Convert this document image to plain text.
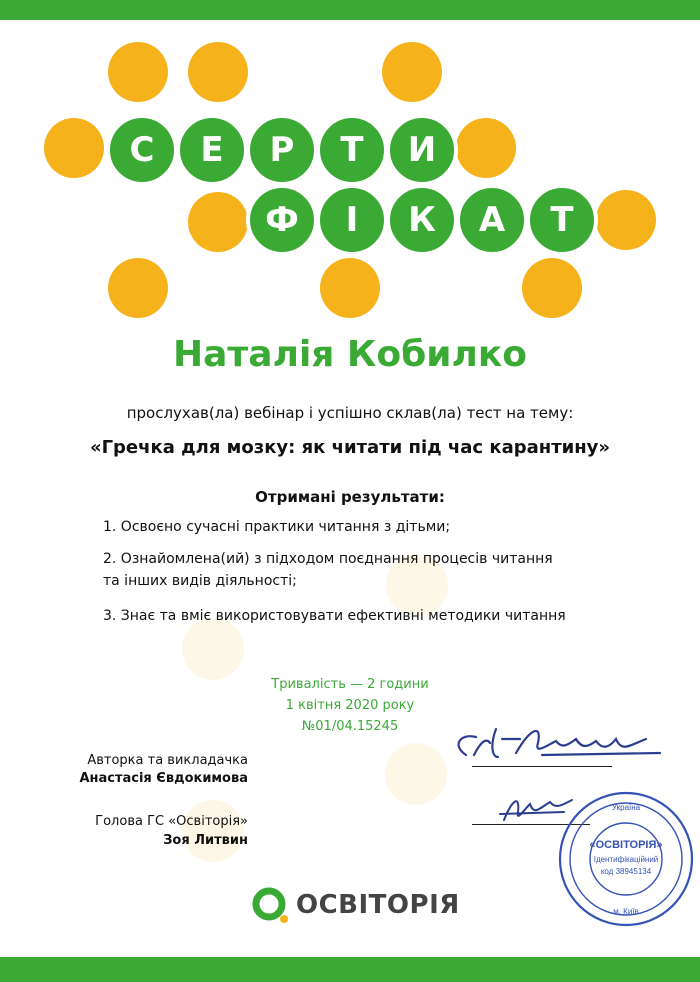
С	Е	Р	Т	И
Ф	І	К	А	Т
Наталія Кобилко
прослухав(ла) вебінар і успішно склав(ла) тест на тему:
«Гречка для мозку: як читати під час карантину»
Отримані результати:
1. Освоєно сучасні практики читання з дітьми;
2. Ознайомлена(ий) з підходом поєднання процесів читання та інших видів діяльності;
3. Знає та вміє використовувати ефективні методики читання
Тривалість — 2 години
1 квітня 2020 року
№01/04.15245
Авторка та викладачка
Анастасія Євдокимова
Голова ГС «Освіторія»
Зоя Литвин	«ОСВІТОРІЯ»
Ідентифікаційний
код 38945134
Україна
м. Київ
ОСВІТОРІЯ
